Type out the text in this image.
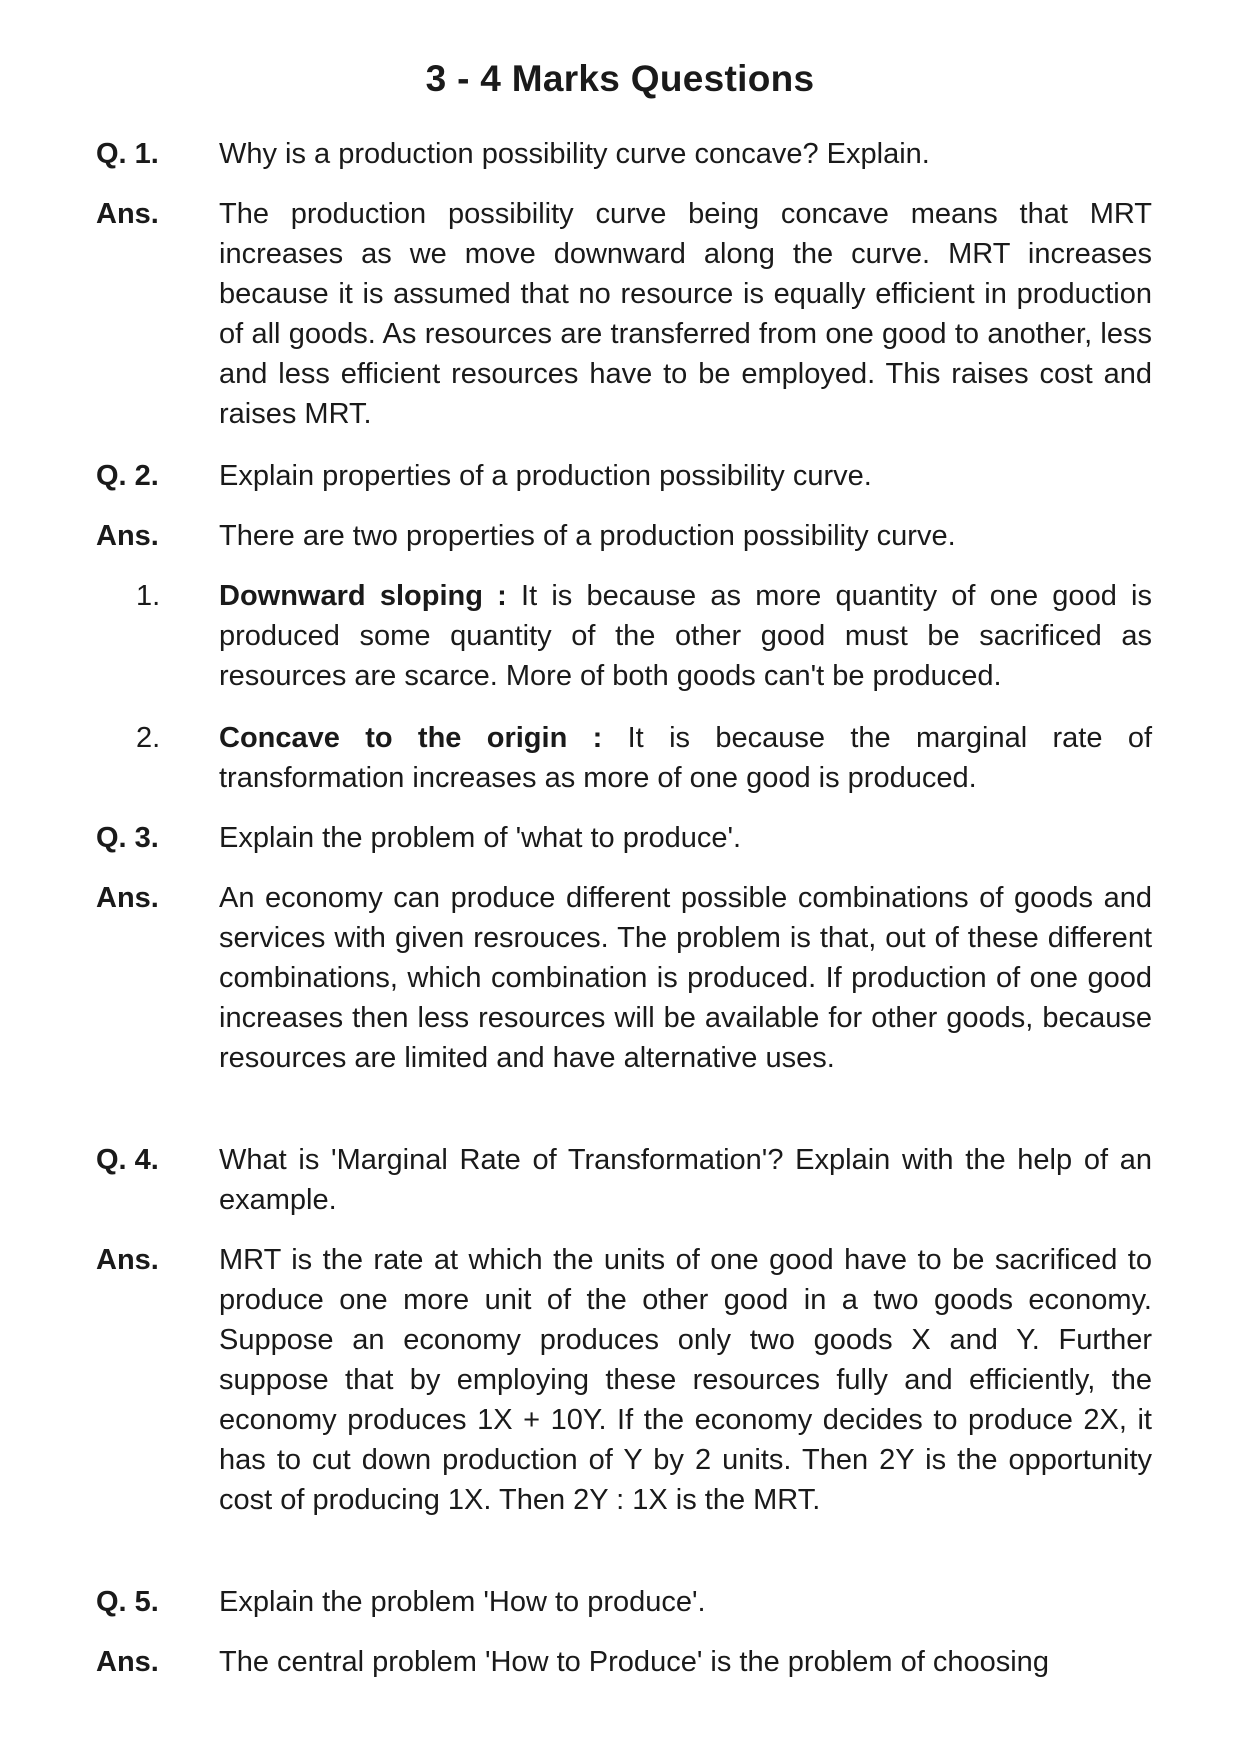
3 - 4 Marks Questions
Q. 1. Why is a production possibility curve concave? Explain.
Ans. The production possibility curve being concave means that MRT increases as we move downward along the curve. MRT increases because it is assumed that no resource is equally efficient in production of all goods. As resources are transferred from one good to another, less and less efficient resources have to be employed. This raises cost and raises MRT.
Q. 2. Explain properties of a production possibility curve.
Ans. There are two properties of a production possibility curve.
1. Downward sloping : It is because as more quantity of one good is produced some quantity of the other good must be sacrificed as resources are scarce. More of both goods can't be produced.
2. Concave to the origin : It is because the marginal rate of transformation increases as more of one good is produced.
Q. 3. Explain the problem of 'what to produce'.
Ans. An economy can produce different possible combinations of goods and services with given resrouces. The problem is that, out of these different combinations, which combination is produced. If production of one good increases then less resources will be available for other goods, because resources are limited and have alternative uses.
Q. 4. What is 'Marginal Rate of Transformation'? Explain with the help of an example.
Ans. MRT is the rate at which the units of one good have to be sacrificed to produce one more unit of the other good in a two goods economy. Suppose an economy produces only two goods X and Y. Further suppose that by employing these resources fully and efficiently, the economy produces 1X + 10Y. If the economy decides to produce 2X, it has to cut down production of Y by 2 units. Then 2Y is the opportunity cost of producing 1X. Then 2Y : 1X is the MRT.
Q. 5. Explain the problem 'How to produce'.
Ans. The central problem 'How to Produce' is the problem of choosing
